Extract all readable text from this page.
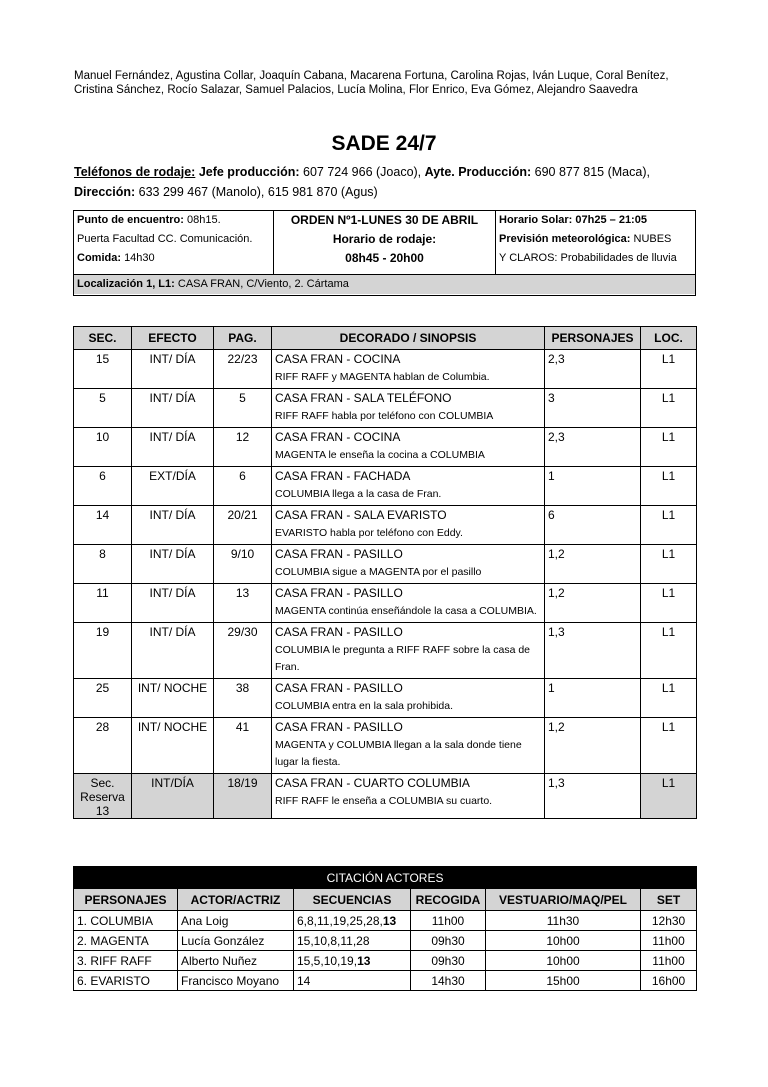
Manuel Fernández, Agustina Collar, Joaquín Cabana, Macarena Fortuna, Carolina Rojas, Iván Luque, Coral Benítez, Cristina Sánchez, Rocío Salazar, Samuel Palacios, Lucía Molina, Flor Enrico, Eva Gómez, Alejandro Saavedra
SADE 24/7
Teléfonos de rodaje: Jefe producción: 607 724 966 (Joaco), Ayte. Producción: 690 877 815 (Maca),
Dirección: 633 299 467 (Manolo), 615 981 870 (Agus)
Punto de encuentro: 08h15.
Puerta Facultad CC. Comunicación.
Comida: 14h30
ORDEN Nº1-LUNES 30 DE ABRIL
Horario de rodaje:
08h45 - 20h00
Horario Solar: 07h25 – 21:05
Previsión meteorológica: NUBES
Y CLAROS: Probabilidades de lluvia
Localización 1, L1: CASA FRAN, C/Viento, 2. Cártama
SEC.	EFECTO	PAG.	DECORADO / SINOPSIS	PERSONAJES	LOC.
15	INT/ DÍA	22/23	CASA FRAN - COCINA
RIFF RAFF y MAGENTA hablan de Columbia.	2,3	L1
5	INT/ DÍA	5	CASA FRAN - SALA TELÉFONO
RIFF RAFF habla por teléfono con COLUMBIA	3	L1
10	INT/ DÍA	12	CASA FRAN - COCINA
MAGENTA le enseña la cocina a COLUMBIA	2,3	L1
6	EXT/DÍA	6	CASA FRAN - FACHADA
COLUMBIA llega a la casa de Fran.	1	L1
14	INT/ DÍA	20/21	CASA FRAN - SALA EVARISTO
EVARISTO habla por teléfono con Eddy.	6	L1
8	INT/ DÍA	9/10	CASA FRAN - PASILLO
COLUMBIA sigue a MAGENTA por el pasillo	1,2	L1
11	INT/ DÍA	13	CASA FRAN - PASILLO
MAGENTA continúa enseñándole la casa a COLUMBIA.	1,2	L1
19	INT/ DÍA	29/30	CASA FRAN - PASILLO
COLUMBIA le pregunta a RIFF RAFF sobre la casa de Fran.	1,3	L1
25	INT/ NOCHE	38	CASA FRAN - PASILLO
COLUMBIA entra en la sala prohibida.	1	L1
28	INT/ NOCHE	41	CASA FRAN - PASILLO
MAGENTA y COLUMBIA llegan a la sala donde tiene lugar la fiesta.	1,2	L1
Sec. Reserva 13	INT/DÍA	18/19	CASA FRAN - CUARTO COLUMBIA
RIFF RAFF le enseña a COLUMBIA su cuarto.	1,3	L1
CITACIÓN ACTORES					
PERSONAJES	ACTOR/ACTRIZ	SECUENCIAS	RECOGIDA	VESTUARIO/MAQ/PEL	SET
1. COLUMBIA	Ana Loig	6,8,11,19,25,28,13	11h00	11h30	12h30
2. MAGENTA	Lucía González	15,10,8,11,28	09h30	10h00	11h00
3. RIFF RAFF	Alberto Nuñez	15,5,10,19,13	09h30	10h00	11h00
6. EVARISTO	Francisco Moyano	14	14h30	15h00	16h00
